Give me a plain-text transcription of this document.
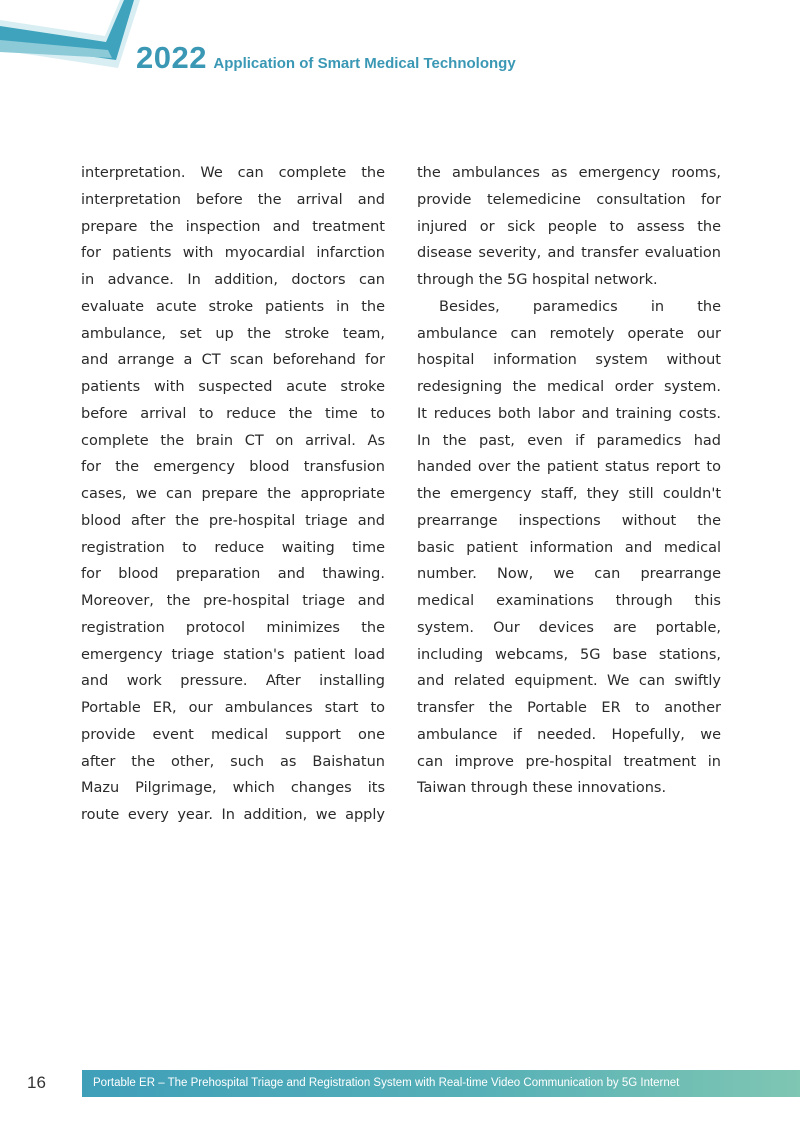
2022 Application of Smart Medical Technolongy
interpretation. We can complete the
interpretation before the arrival and
prepare the inspection and treatment
for patients with myocardial infarction
in advance. In addition, doctors can
evaluate acute stroke patients in the
ambulance, set up the stroke team,
and arrange a CT scan beforehand for
patients with suspected acute stroke
before arrival to reduce the time to
complete the brain CT on arrival. As
for the emergency blood transfusion
cases, we can prepare the appropriate
blood after the pre-hospital triage and
registration to reduce waiting time
for blood preparation and thawing.
Moreover, the pre-hospital triage and
registration protocol minimizes the
emergency triage station's patient load
and work pressure. After installing
Portable ER, our ambulances start to
provide event medical support one
after the other, such as Baishatun
Mazu Pilgrimage, which changes its
route every year. In addition, we apply
the ambulances as emergency rooms,
provide telemedicine consultation for
injured or sick people to assess the
disease severity, and transfer evaluation
through the 5G hospital network.
Besides, paramedics in the
ambulance can remotely operate our
hospital information system without
redesigning the medical order system.
It reduces both labor and training costs.
In the past, even if paramedics had
handed over the patient status report to
the emergency staff, they still couldn't
prearrange inspections without the
basic patient information and medical
number. Now, we can prearrange
medical examinations through this
system. Our devices are portable,
including webcams, 5G base stations,
and related equipment. We can swiftly
transfer the Portable ER to another
ambulance if needed. Hopefully, we
can improve pre-hospital treatment in
Taiwan through these innovations.
16	Portable ER – The Prehospital Triage and Registration System with Real-time Video Communication by 5G Internet
